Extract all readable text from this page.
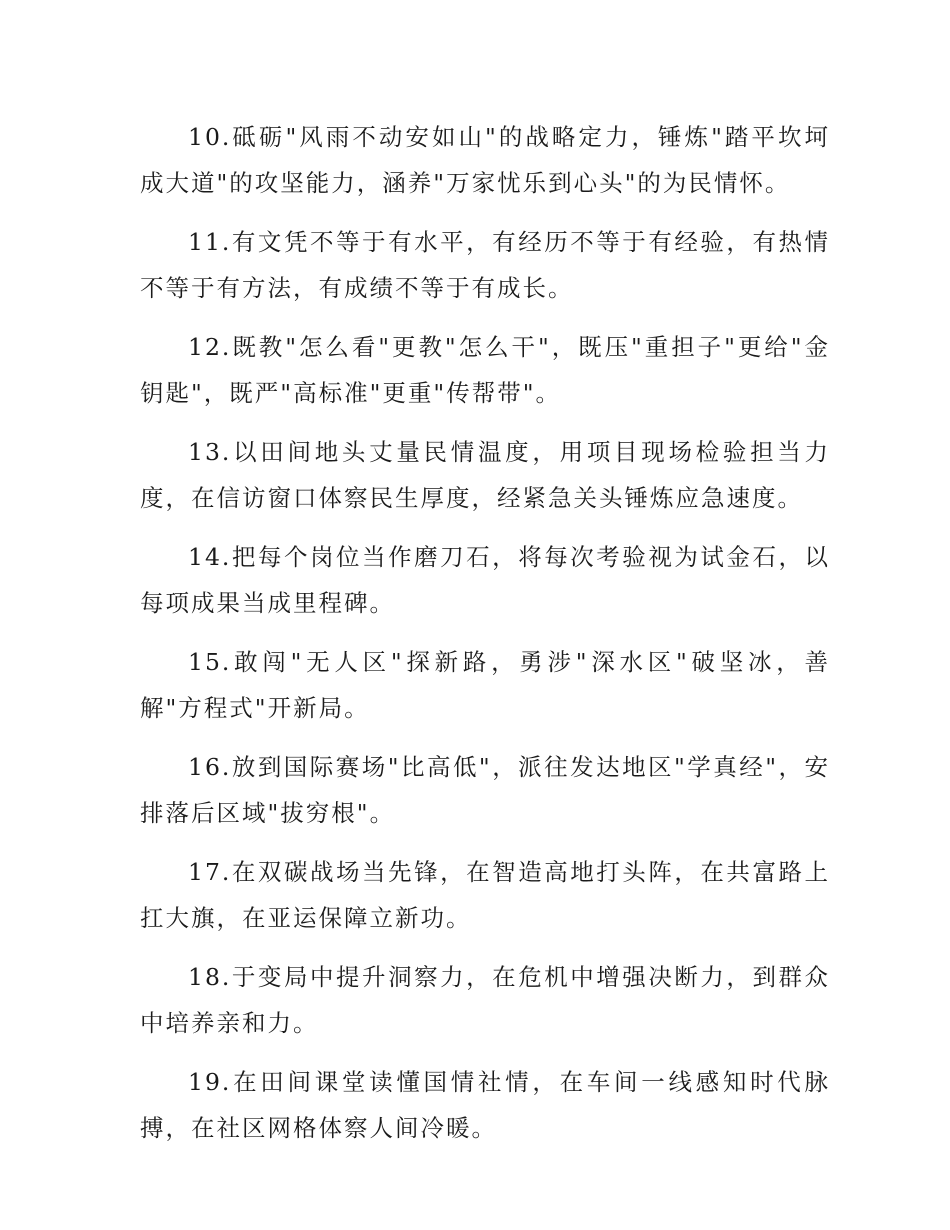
10.砥砺"风雨不动安如山"的战略定力，锤炼"踏平坎坷成大道"的攻坚能力，涵养"万家忧乐到心头"的为民情怀。

11.有文凭不等于有水平，有经历不等于有经验，有热情不等于有方法，有成绩不等于有成长。

12.既教"怎么看"更教"怎么干"，既压"重担子"更给"金钥匙"，既严"高标准"更重"传帮带"。

13.以田间地头丈量民情温度，用项目现场检验担当力度，在信访窗口体察民生厚度，经紧急关头锤炼应急速度。

14.把每个岗位当作磨刀石，将每次考验视为试金石，以每项成果当成里程碑。

15.敢闯"无人区"探新路，勇涉"深水区"破坚冰，善解"方程式"开新局。

16.放到国际赛场"比高低"，派往发达地区"学真经"，安排落后区域"拔穷根"。

17.在双碳战场当先锋，在智造高地打头阵，在共富路上扛大旗，在亚运保障立新功。

18.于变局中提升洞察力，在危机中增强决断力，到群众中培养亲和力。

19.在田间课堂读懂国情社情，在车间一线感知时代脉搏，在社区网格体察人间冷暖。
